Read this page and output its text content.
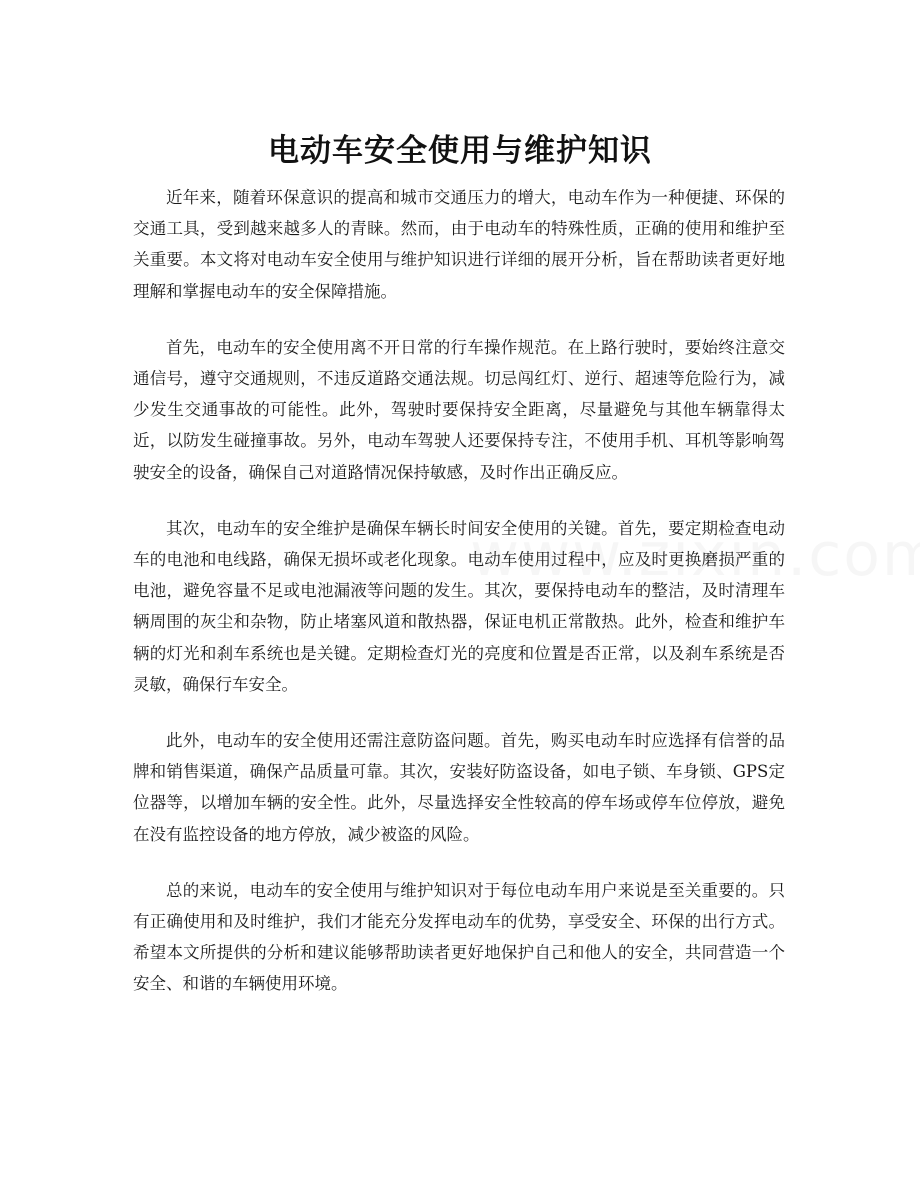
电动车安全使用与维护知识

近年来，随着环保意识的提高和城市交通压力的增大，电动车作为一种便捷、环保的交通工具，受到越来越多人的青睐。然而，由于电动车的特殊性质，正确的使用和维护至关重要。本文将对电动车安全使用与维护知识进行详细的展开分析，旨在帮助读者更好地理解和掌握电动车的安全保障措施。

首先，电动车的安全使用离不开日常的行车操作规范。在上路行驶时，要始终注意交通信号，遵守交通规则，不违反道路交通法规。切忌闯红灯、逆行、超速等危险行为，减少发生交通事故的可能性。此外，驾驶时要保持安全距离，尽量避免与其他车辆靠得太近，以防发生碰撞事故。另外，电动车驾驶人还要保持专注，不使用手机、耳机等影响驾驶安全的设备，确保自己对道路情况保持敏感，及时作出正确反应。

其次，电动车的安全维护是确保车辆长时间安全使用的关键。首先，要定期检查电动车的电池和电线路，确保无损坏或老化现象。电动车使用过程中，应及时更换磨损严重的电池，避免容量不足或电池漏液等问题的发生。其次，要保持电动车的整洁，及时清理车辆周围的灰尘和杂物，防止堵塞风道和散热器，保证电机正常散热。此外，检查和维护车辆的灯光和刹车系统也是关键。定期检查灯光的亮度和位置是否正常，以及刹车系统是否灵敏，确保行车安全。

此外，电动车的安全使用还需注意防盗问题。首先，购买电动车时应选择有信誉的品牌和销售渠道，确保产品质量可靠。其次，安装好防盗设备，如电子锁、车身锁、GPS定位器等，以增加车辆的安全性。此外，尽量选择安全性较高的停车场或停车位停放，避免在没有监控设备的地方停放，减少被盗的风险。

总的来说，电动车的安全使用与维护知识对于每位电动车用户来说是至关重要的。只有正确使用和及时维护，我们才能充分发挥电动车的优势，享受安全、环保的出行方式。希望本文所提供的分析和建议能够帮助读者更好地保护自己和他人的安全，共同营造一个安全、和谐的车辆使用环境。
